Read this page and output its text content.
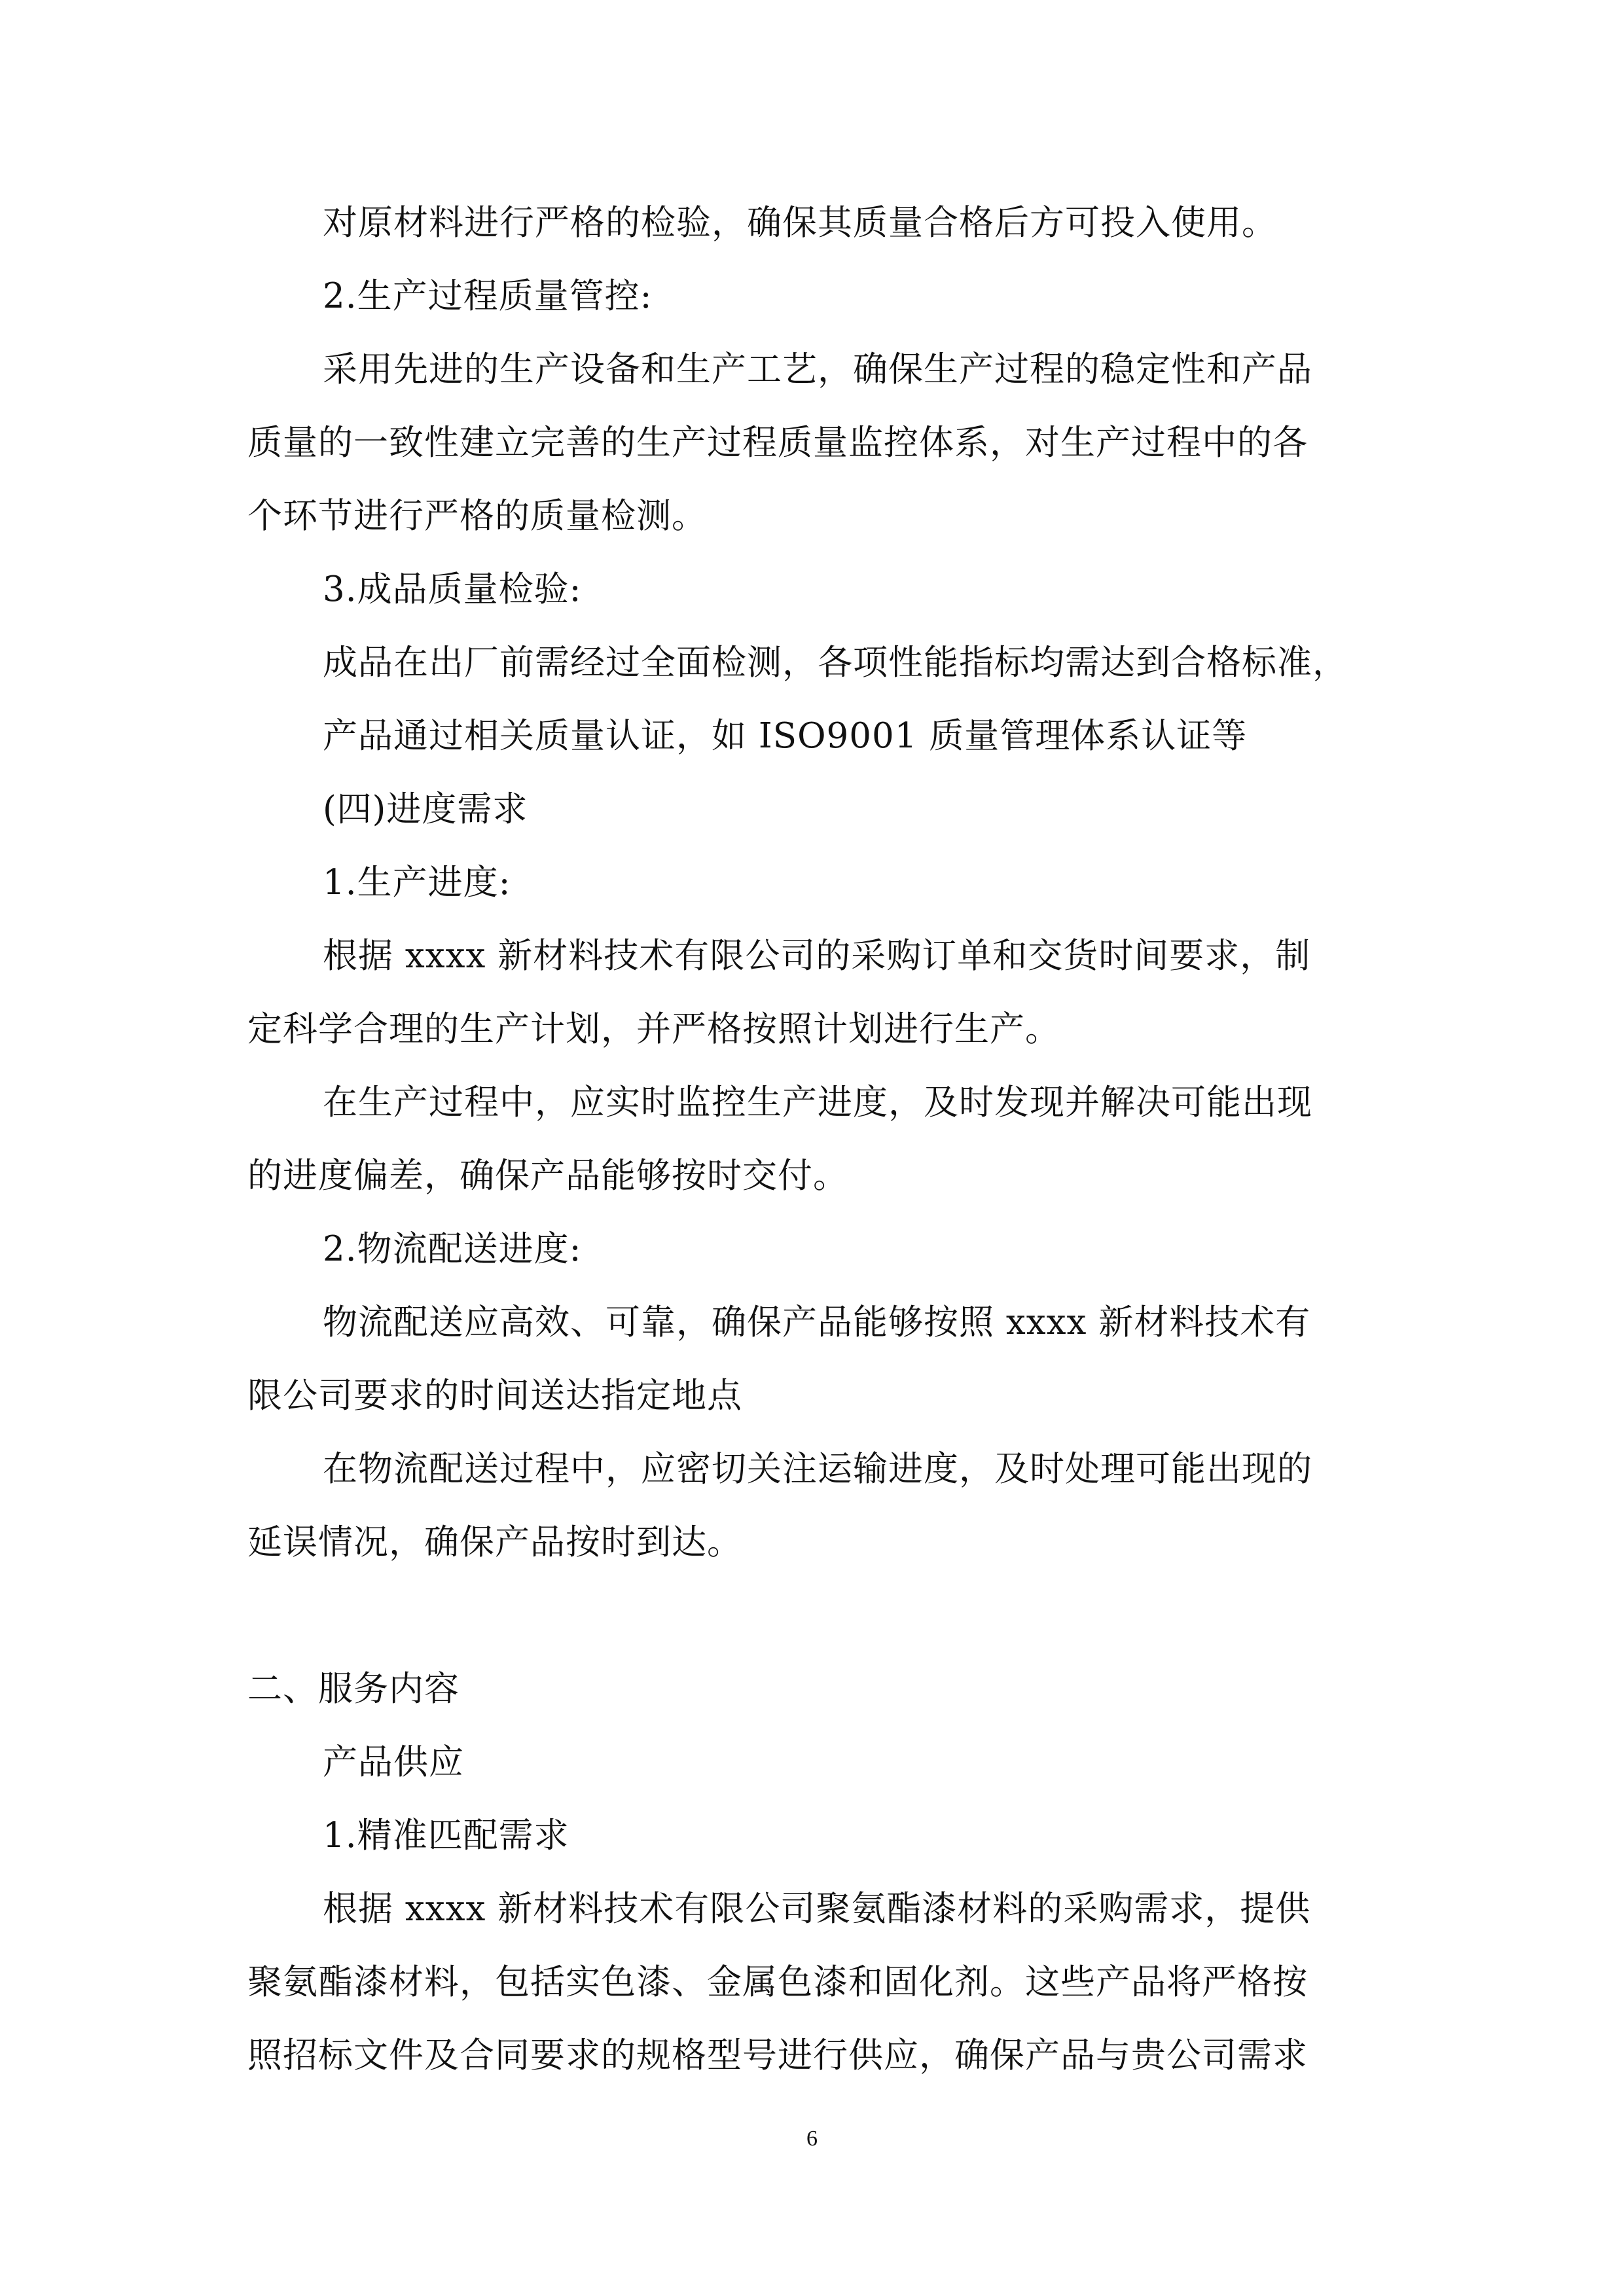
对原材料进行严格的检验，确保其质量合格后方可投入使用。
2.生产过程质量管控:
采用先进的生产设备和生产工艺，确保生产过程的稳定性和产品
质量的一致性建立完善的生产过程质量监控体系，对生产过程中的各
个环节进行严格的质量检测。
3.成品质量检验:
成品在出厂前需经过全面检测，各项性能指标均需达到合格标准，
产品通过相关质量认证，如 ISO9001 质量管理体系认证等
(四)进度需求
1.生产进度:
根据 xxxx 新材料技术有限公司的采购订单和交货时间要求，制
定科学合理的生产计划，并严格按照计划进行生产。
在生产过程中，应实时监控生产进度，及时发现并解决可能出现
的进度偏差，确保产品能够按时交付。
2.物流配送进度:
物流配送应高效、可靠，确保产品能够按照 xxxx 新材料技术有
限公司要求的时间送达指定地点
在物流配送过程中，应密切关注运输进度，及时处理可能出现的
延误情况，确保产品按时到达。
二、服务内容
产品供应
1.精准匹配需求
根据 xxxx 新材料技术有限公司聚氨酯漆材料的采购需求，提供
聚氨酯漆材料，包括实色漆、金属色漆和固化剂。这些产品将严格按
照招标文件及合同要求的规格型号进行供应，确保产品与贵公司需求
6
